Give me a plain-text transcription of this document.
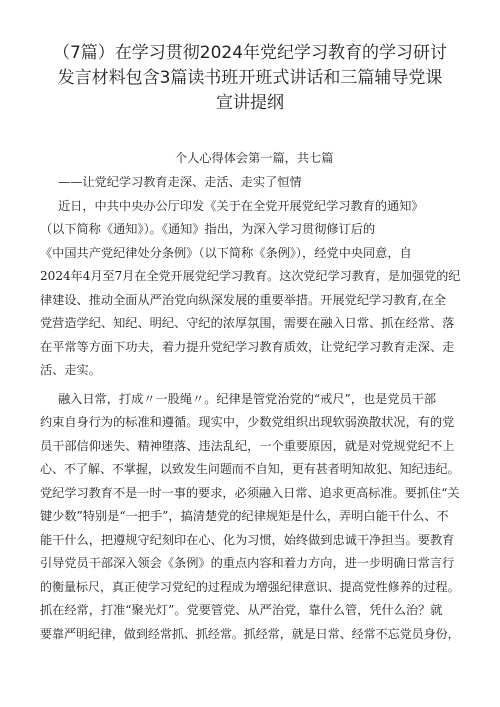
（7篇）在学习贯彻2024年党纪学习教育的学习研讨
发言材料包含3篇读书班开班式讲话和三篇辅导党课
宣讲提纲
个人心得体会第一篇，共七篇
——让党纪学习教育走深、走活、走实了恒情
近日，中共中央办公厅印发《关于在全党开展党纪学习教育的通知》
（以下简称《通知》）。《通知》指出，为深入学习贯彻修订后的
《中国共产党纪律处分条例》（以下简称《条例》），经党中央同意，自
2024年4月至7月在全党开展党纪学习教育。这次党纪学习教育，是加强党的纪
律建设、推动全面从严治党向纵深发展的重要举措。开展党纪学习教育,在全
党营造学纪、知纪、明纪、守纪的浓厚氛围，需要在融入日常、抓在经常、落
在平常等方面下功夫，着力提升党纪学习教育质效，让党纪学习教育走深、走
活、走实。
融入日常，打成〃一股绳〃。纪律是管党治党的“戒尺”，也是党员干部
约束自身行为的标准和遵循。现实中，少数党组织出现软弱涣散状况，有的党
员干部信仰迷失、精神堕落、违法乱纪，一个重要原因，就是对党规党纪不上
心、不了解、不掌握，以致发生问题而不自知，更有甚者明知故犯、知纪违纪。
党纪学习教育不是一时一事的要求，必须融入日常、追求更高标准。要抓住“关
键少数”特别是“一把手”，搞清楚党的纪律规矩是什么，弄明白能干什么、不
能干什么，把遵规守纪刻印在心、化为习惯，始终做到忠诚干净担当。要教育
引导党员干部深入领会《条例》的重点内容和着力方向，进一步明确日常言行
的衡量标尺，真正使学习党纪的过程成为增强纪律意识、提高党性修养的过程。
抓在经常，打准“聚光灯”。党要管党、从严治党，靠什么管，凭什么治？就
要靠严明纪律，做到经常抓、抓经常。抓经常，就是日常、经常不忘党员身份，
